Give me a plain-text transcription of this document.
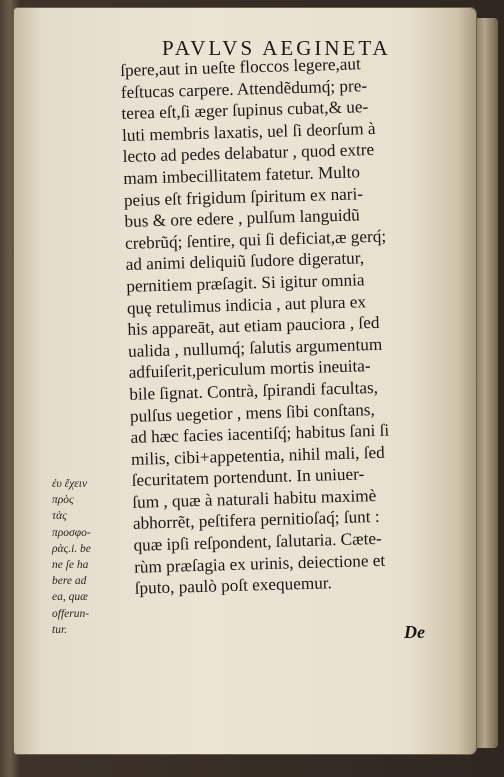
PAVLVS AEGINETA
ſpere,aut in ueſte floccos legere,aut
feſtucas carpere. Attendẽdumq́; pre-
terea eſt,ſi æger ſupinus cubat,& ue-
luti membris laxatis, uel ſi deorſum à
lecto ad pedes delabatur , quod extre
mam imbecillitatem fatetur. Multo
peius eſt frigidum ſpiritum ex nari-
bus & ore edere , pulſum languidũ
crebrũq́; ſentire, qui ſi deficiat,æ gerq́;
ad animi deliquiũ ſudore digeratur,
pernitiem præſagit. Si igitur omnia
quę retulimus indicia , aut plura ex
his appareāt, aut etiam pauciora , ſed
ualida , nullumq́; ſalutis argumentum
adfuiſerit,periculum mortis ineuita-
bile ſignat. Contrà, ſpirandi facultas,
pulſus uegetior , mens ſibi conſtans,
ad hæc facies iacentiſq́; habitus ſani ſi
milis, cibi+appetentia, nihil mali, ſed
ſecuritatem portendunt. In uniuer-
ſum , quæ à naturali habitu maximè
abhorrẽt, peſtifera pernitioſaq́; ſunt :
quæ ipſi reſpondent, ſalutaria. Cæte-
rùm præſagia ex urinis, deiectione et
ſputo, paulò poſt exequemur.
ἐυ ἔχειν
πρὸς
τὰς
προσφο-
ρὰς.i. be
ne ſe ha
bere ad
ea, quæ
offerun-
tur.	De
